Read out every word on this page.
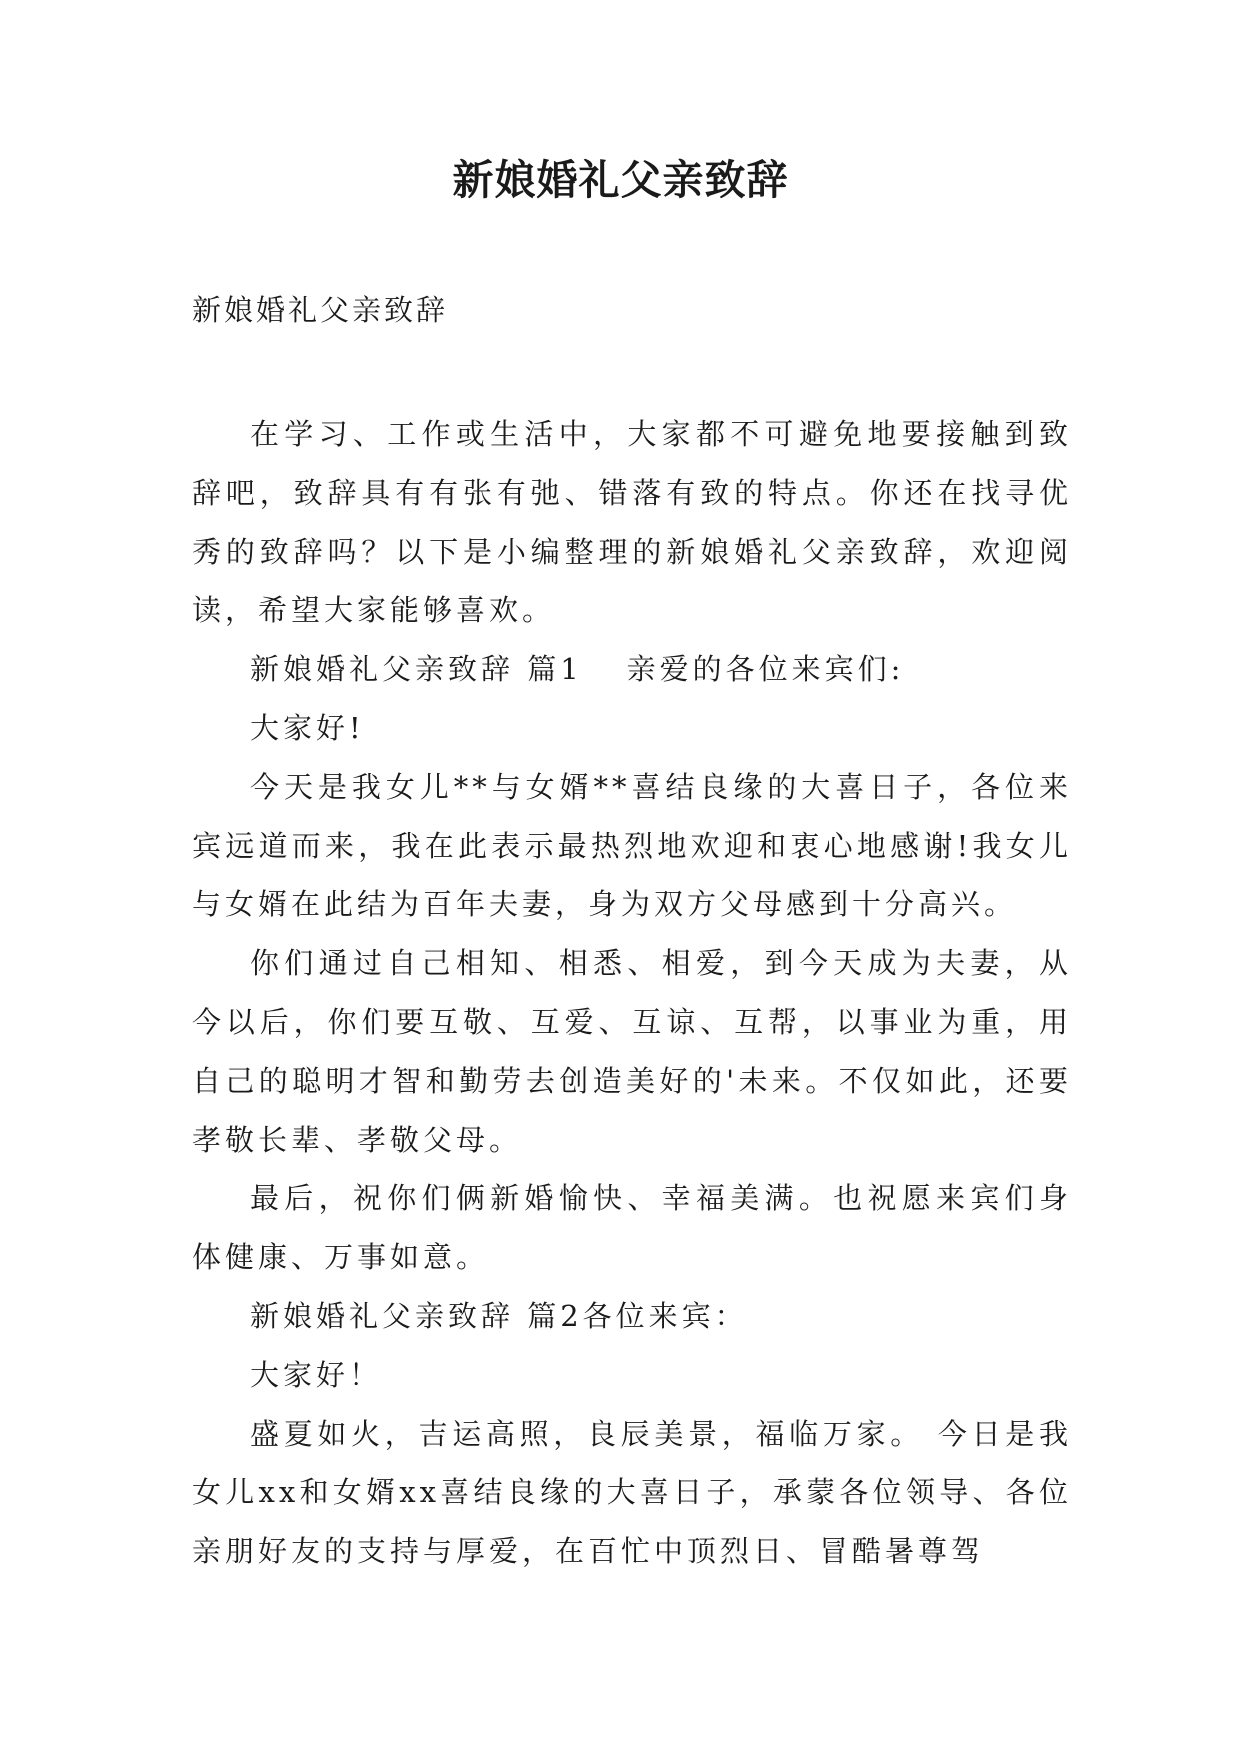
新娘婚礼父亲致辞
新娘婚礼父亲致辞

在学习、工作或生活中，大家都不可避免地要接触到致辞吧，致辞具有有张有弛、错落有致的特点。你还在找寻优秀的致辞吗？以下是小编整理的新娘婚礼父亲致辞，欢迎阅读，希望大家能够喜欢。

新娘婚礼父亲致辞 篇1 亲爱的各位来宾们:

大家好!

今天是我女儿**与女婿**喜结良缘的大喜日子，各位来宾远道而来，我在此表示最热烈地欢迎和衷心地感谢!我女儿与女婿在此结为百年夫妻，身为双方父母感到十分高兴。

你们通过自己相知、相悉、相爱，到今天成为夫妻，从今以后，你们要互敬、互爱、互谅、互帮，以事业为重，用自己的聪明才智和勤劳去创造美好的'未来。不仅如此，还要孝敬长辈、孝敬父母。

最后，祝你们俩新婚愉快、幸福美满。也祝愿来宾们身体健康、万事如意。

新娘婚礼父亲致辞 篇2各位来宾：

大家好！

盛夏如火，吉运高照，良辰美景，福临万家。 今日是我女儿xx和女婿xx喜结良缘的大喜日子，承蒙各位领导、各位亲朋好友的支持与厚爱，在百忙中顶烈日、冒酷暑尊驾
